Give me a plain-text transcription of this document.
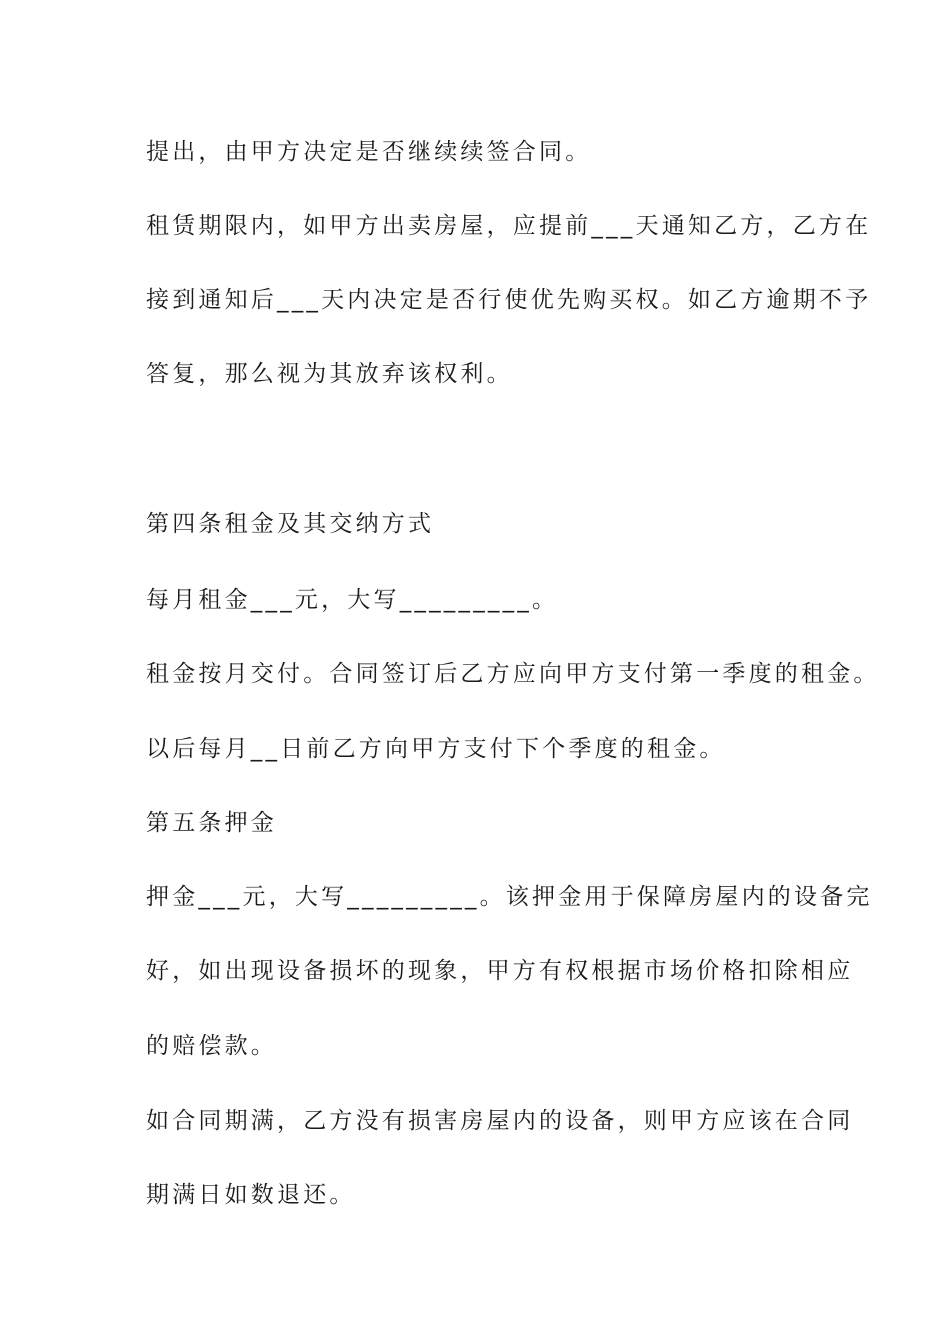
提出，由甲方决定是否继续续签合同。
租赁期限内，如甲方出卖房屋，应提前___天通知乙方，乙方在
接到通知后___天内决定是否行使优先购买权。如乙方逾期不予
答复，那么视为其放弃该权利。
第四条租金及其交纳方式
每月租金___元，大写_________。
租金按月交付。合同签订后乙方应向甲方支付第一季度的租金。
以后每月__日前乙方向甲方支付下个季度的租金。
第五条押金
押金___元，大写_________。该押金用于保障房屋内的设备完
好，如出现设备损坏的现象，甲方有权根据市场价格扣除相应
的赔偿款。
如合同期满，乙方没有损害房屋内的设备，则甲方应该在合同
期满日如数退还。
